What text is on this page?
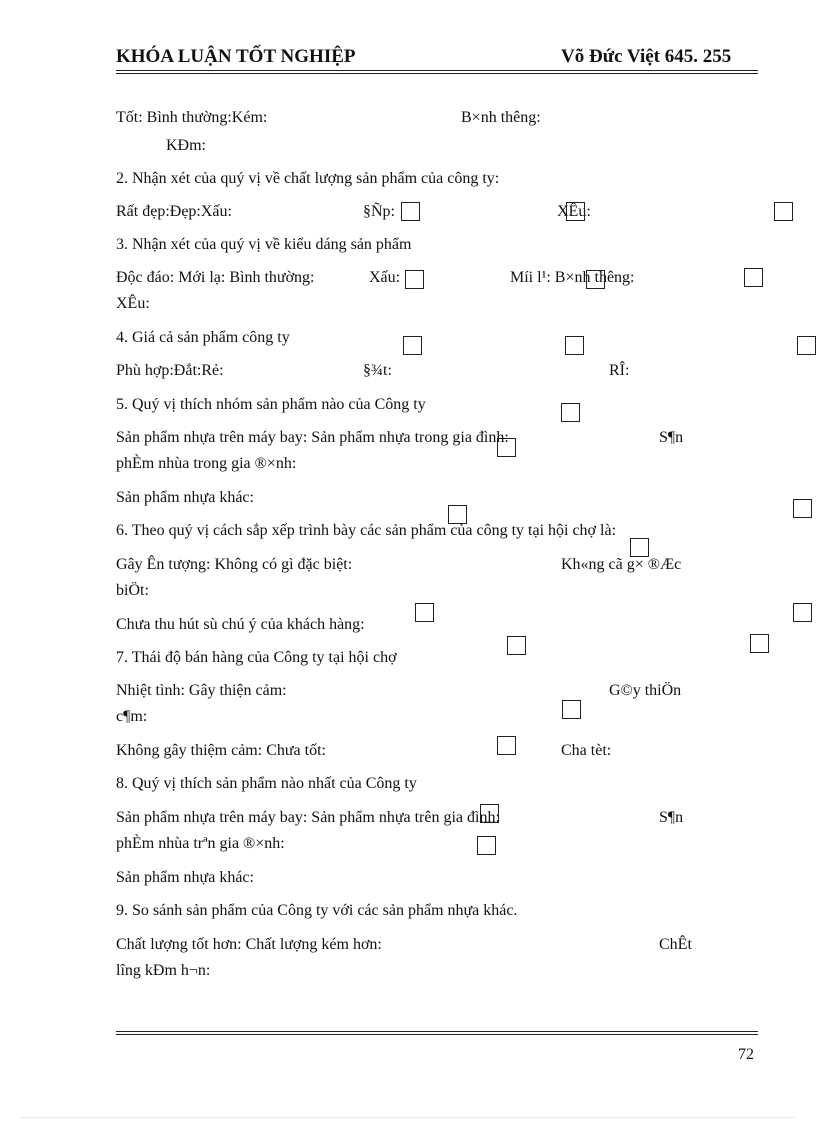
KHÓA LUẬN TỐT NGHIỆP	Võ Đức Việt 645. 255
Tốt: Bình thường:Kém:	B×nh thêng:
KÐm:
2. Nhận xét của quý vị về chất lượng sản phẩm của công ty:
Rất đẹp:Đẹp:Xấu:	§Ñp:	XÊu:
3. Nhận xét của quý vị về kiểu dáng sản phẩm
Độc đáo: Mới lạ: Bình thường:	Xấu:	Míi l¹: B×nh thêng:
XÊu:
4. Giá cả sản phẩm công ty
Phù hợp:Đắt:Rẻ:	§¾t:	RÎ:
5. Quý vị thích nhóm sản phẩm nào của Công ty
Sản phẩm nhựa trên máy bay: Sản phẩm nhựa trong gia đình:	S¶n
phÈm nhùa trong gia ®×nh:
Sản phẩm nhựa khác:
6. Theo quý vị cách sắp xếp trình bày các sản phẩm của công ty tại hội chợ là:
Gây Ên tượng: Không có gì đặc biệt:	Kh«ng cã g× ®Æc
biÖt:
Chưa thu hút sù chú ý của khách hàng:
7. Thái độ bán hàng của Công ty tại hội chợ
Nhiệt tình: Gây thiện cảm:	G©y thiÖn
c¶m:
Không gây thiệm cảm: Chưa tốt:	Cha tèt:
8. Quý vị thích sản phẩm nào nhất của Công ty
Sản phẩm nhựa trên máy bay: Sản phẩm nhựa trên gia đình:	S¶n
phÈm nhùa trªn gia ®×nh:
Sản phẩm nhựa khác:
9. So sánh sản phẩm của Công ty với các sản phẩm nhựa khác.
Chất lượng tốt hơn: Chất lượng kém hơn:	ChÊt
lîng kÐm h¬n:
72
